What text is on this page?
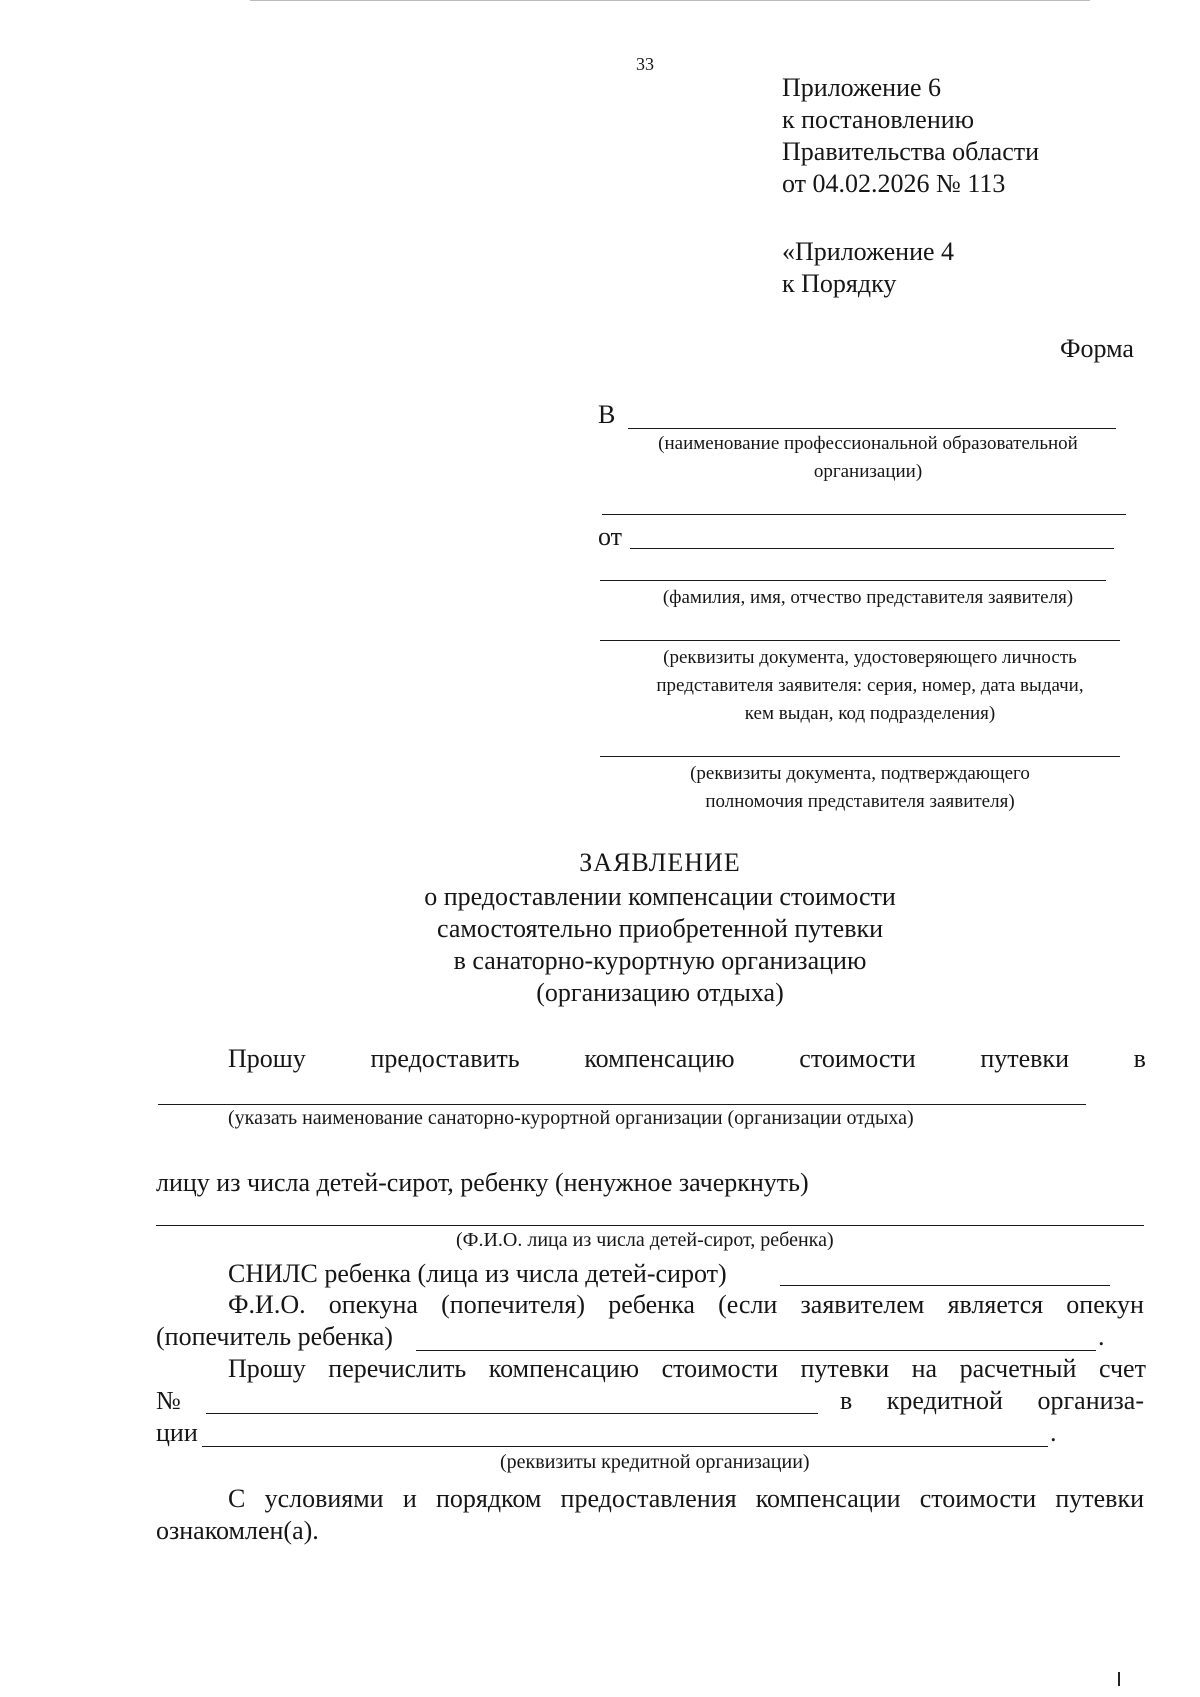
33
Приложение 6
к постановлению
Правительства области
от 04.02.2026 № 113
«Приложение 4
к Порядку
Форма
В
(наименование профессиональной образовательной
организации)
от
(фамилия, имя, отчество представителя заявителя)
(реквизиты документа, удостоверяющего личность
представителя заявителя: серия, номер, дата выдачи,
кем выдан, код подразделения)
(реквизиты документа, подтверждающего
полномочия представителя заявителя)
ЗАЯВЛЕНИЕ
о предоставлении компенсации стоимости
самостоятельно приобретенной путевки
в санаторно-курортную организацию
(организацию отдыха)
Прошу предоставить компенсацию стоимости путевки в
(указать наименование санаторно-курортной организации (организации отдыха)
лицу из числа детей-сирот, ребенку (ненужное зачеркнуть)
(Ф.И.О. лица из числа детей-сирот, ребенка)
СНИЛС ребенка (лица из числа детей-сирот)
Ф.И.О. опекуна (попечителя) ребенка (если заявителем является опекун
(попечитель ребенка)	.
Прошу перечислить компенсацию стоимости путевки на расчетный счет
№	в кредитной организа-
ции	.
(реквизиты кредитной организации)
С условиями и порядком предоставления компенсации стоимости путевки
ознакомлен(а).
